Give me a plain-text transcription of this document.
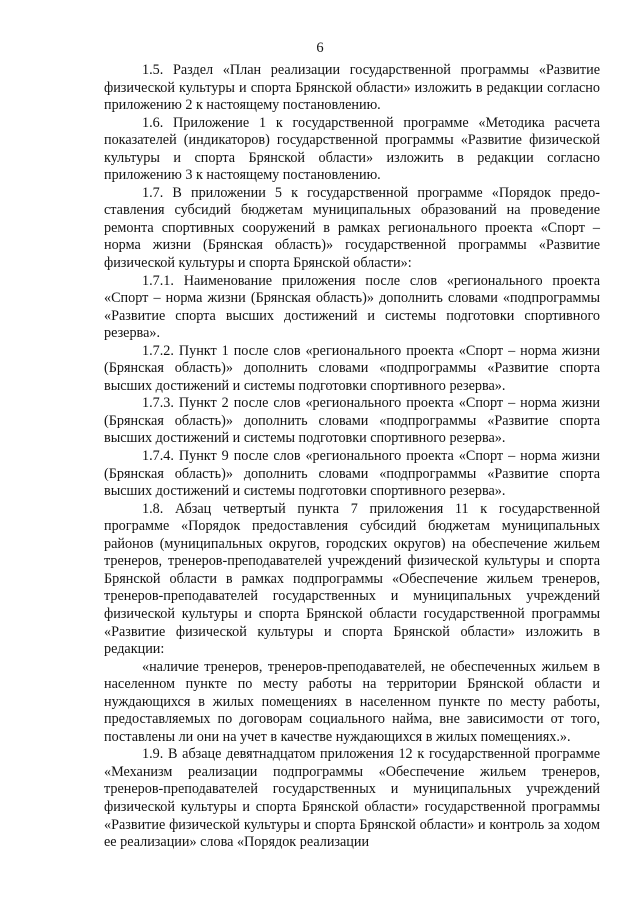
6

1.5. Раздел «План реализации государственной программы «Развитие физической культуры и спорта Брянской области» изложить в редакции согласно приложению 2 к настоящему постановлению.

1.6. Приложение 1 к государственной программе «Методика расчета показателей (индикаторов) государственной программы «Развитие физической культуры и спорта Брянской области» изложить в редакции согласно приложению 3 к настоящему постановлению.

1.7. В приложении 5 к государственной программе «Порядок предоставления субсидий бюджетам муниципальных образований на проведение ремонта спортивных сооружений в рамках регионального проекта «Спорт – норма жизни (Брянская область)» государственной программы «Развитие физической культуры и спорта Брянской области»:

1.7.1. Наименование приложения после слов «регионального проекта «Спорт – норма жизни (Брянская область)» дополнить словами «подпрограммы «Развитие спорта высших достижений и системы подготовки спортивного резерва».

1.7.2. Пункт 1 после слов «регионального проекта «Спорт – норма жизни (Брянская область)» дополнить словами «подпрограммы «Развитие спорта высших достижений и системы подготовки спортивного резерва».

1.7.3. Пункт 2 после слов «регионального проекта «Спорт – норма жизни (Брянская область)» дополнить словами «подпрограммы «Развитие спорта высших достижений и системы подготовки спортивного резерва».

1.7.4. Пункт 9 после слов «регионального проекта «Спорт – норма жизни (Брянская область)» дополнить словами «подпрограммы «Развитие спорта высших достижений и системы подготовки спортивного резерва».

1.8. Абзац четвертый пункта 7 приложения 11 к государственной программе «Порядок предоставления субсидий бюджетам муниципальных районов (муниципальных округов, городских округов) на обеспечение жильем тренеров, тренеров-преподавателей учреждений физической культуры и спорта Брянской области в рамках подпрограммы «Обеспечение жильем тренеров, тренеров-преподавателей государственных и муниципальных учреждений физической культуры и спорта Брянской области государственной программы «Развитие физической культуры и спорта Брянской области» изложить в редакции:

«наличие тренеров, тренеров-преподавателей, не обеспеченных жильем в населенном пункте по месту работы на территории Брянской области и нуждающихся в жилых помещениях в населенном пункте по месту работы, предоставляемых по договорам социального найма, вне зависимости от того, поставлены ли они на учет в качестве нуждающихся в жилых помещениях.».

1.9. В абзаце девятнадцатом приложения 12 к государственной программе «Механизм реализации подпрограммы «Обеспечение жильем тренеров, тренеров-преподавателей государственных и муниципальных учреждений физической культуры и спорта Брянской области» государственной программы «Развитие физической культуры и спорта Брянской области» и контроль за ходом ее реализации» слова «Порядок реализации
